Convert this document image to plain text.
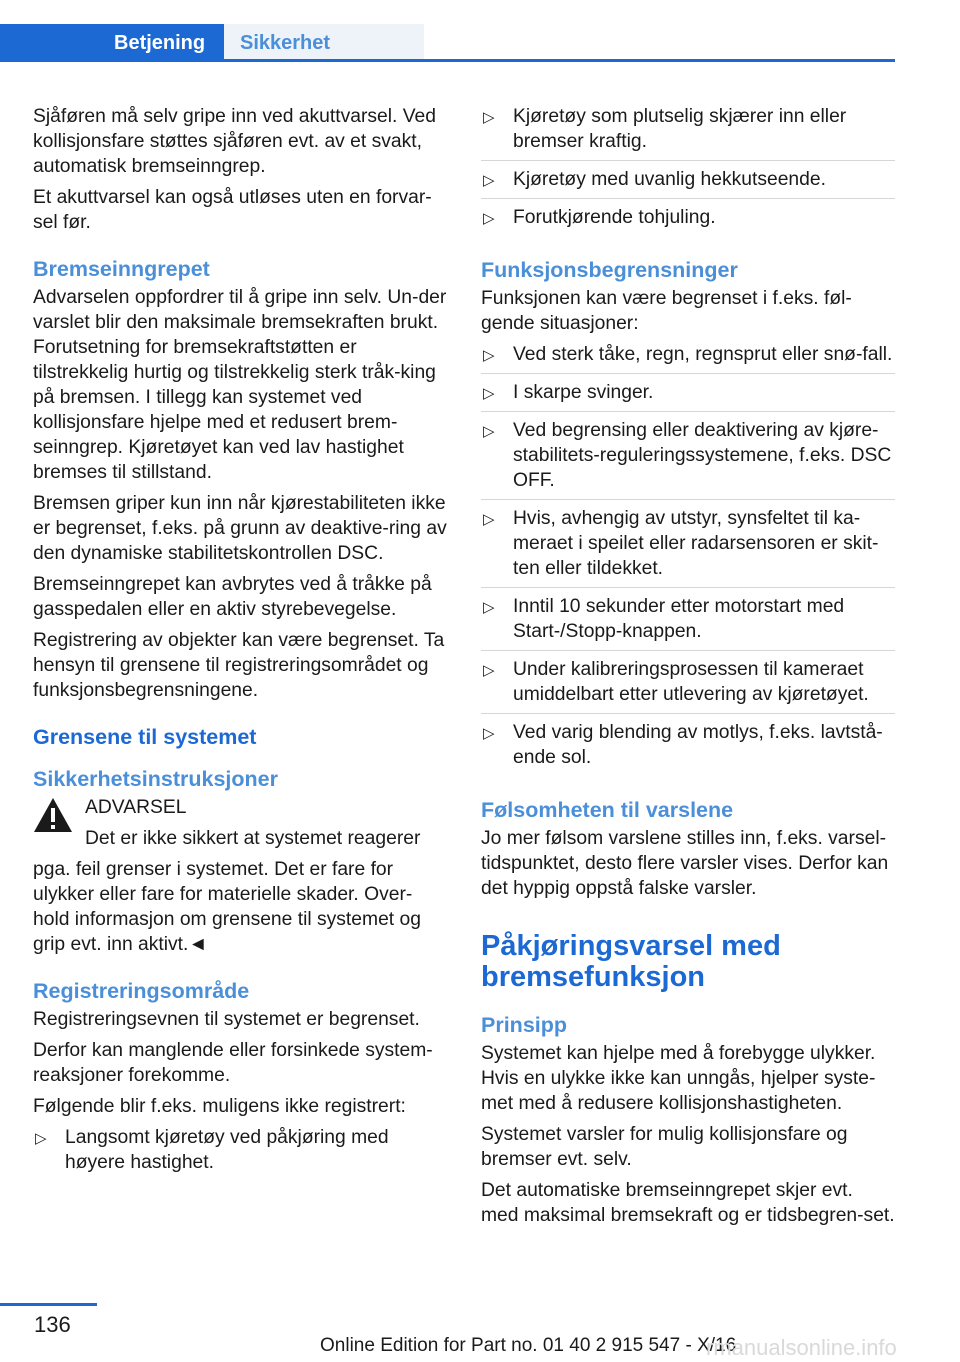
Betjening	Sikkerhet

Sjåføren må selv gripe inn ved akuttvarsel. Ved kollisjonsfare støttes sjåføren evt. av et svakt, automatisk bremseinngrep.

Et akuttvarsel kan også utløses uten en forvar-sel før.

Bremseinngrepet

Advarselen oppfordrer til å gripe inn selv. Un-der varslet blir den maksimale bremsekraften brukt. Forutsetning for bremsekraftstøtten er tilstrekkelig hurtig og tilstrekkelig sterk tråk-king på bremsen. I tillegg kan systemet ved kollisjonsfare hjelpe med et redusert brem-seinngrep. Kjøretøyet kan ved lav hastighet bremses til stillstand.

Bremsen griper kun inn når kjørestabiliteten ikke er begrenset, f.eks. på grunn av deaktive-ring av den dynamiske stabilitetskontrollen DSC.

Bremseinngrepet kan avbrytes ved å tråkke på gasspedalen eller en aktiv styrebevegelse.

Registrering av objekter kan være begrenset. Ta hensyn til grensene til registreringsområdet og funksjonsbegrensningene.

Grensene til systemet
Sikkerhetsinstruksjoner

ADVARSEL

Det er ikke sikkert at systemet reagerer

pga. feil grenser i systemet. Det er fare for ulykker eller fare for materielle skader. Over-hold informasjon om grensene til systemet og grip evt. inn aktivt.◄

Registreringsområde

Registreringsevnen til systemet er begrenset.

Derfor kan manglende eller forsinkede system-reaksjoner forekomme.

Følgende blir f.eks. muligens ikke registrert:

▷ Langsomt kjøretøy ved påkjøring med høyere hastighet.
▷ Kjøretøy som plutselig skjærer inn eller bremser kraftig.
▷ Kjøretøy med uvanlig hekkutseende.
▷ Forutkjørende tohjuling.
Funksjonsbegrensninger

Funksjonen kan være begrenset i f.eks. føl-gende situasjoner:

▷ Ved sterk tåke, regn, regnsprut eller snø-fall.
▷ I skarpe svinger.
▷ Ved begrensing eller deaktivering av kjøre-stabilitets-reguleringssystemene, f.eks. DSC OFF.
▷ Hvis, avhengig av utstyr, synsfeltet til ka-meraet i speilet eller radarsensoren er skit-ten eller tildekket.
▷ Inntil 10 sekunder etter motorstart med Start-/Stopp-knappen.
▷ Under kalibreringsprosessen til kameraet umiddelbart etter utlevering av kjøretøyet.
▷ Ved varig blending av motlys, f.eks. lavtstå-ende sol.
Følsomheten til varslene

Jo mer følsom varslene stilles inn, f.eks. varsel-tidspunktet, desto flere varsler vises. Derfor kan det hyppig oppstå falske varsler.

Påkjøringsvarsel med bremsefunksjon
Prinsipp

Systemet kan hjelpe med å forebygge ulykker. Hvis en ulykke ikke kan unngås, hjelper syste-met med å redusere kollisjonshastigheten.

Systemet varsler for mulig kollisjonsfare og bremser evt. selv.

Det automatiske bremseinngrepet skjer evt. med maksimal bremsekraft og er tidsbegren-set.

136
Online Edition for Part no. 01 40 2 915 547 - X/16
rmanualsonline.info
